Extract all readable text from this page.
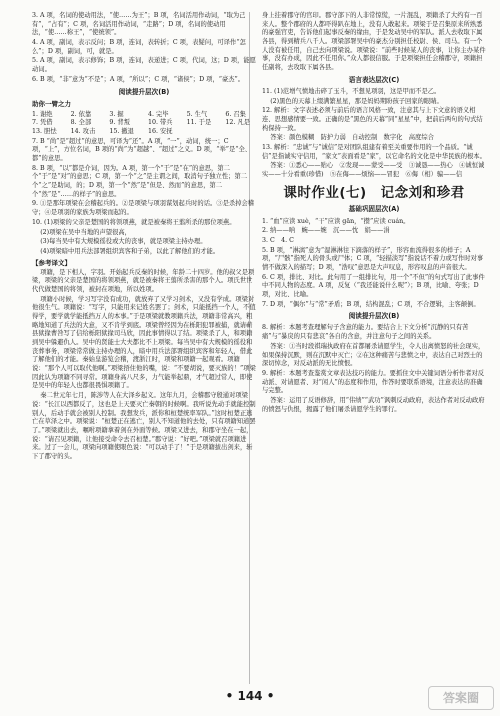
3. A 项，名词的使动用法，“使……为王”；B 项，名词活用作动词，“取为己有”，“占有”；C 项，名词活用作动词，“走路”；D 项，名词的使动用法，“使……称王”，“使统领”。

4. A 项，副词，表示反问；B 项，连词，表转折；C 项，表疑问，可译作“怎么”；D 项，副词，可，就是。

5. A 项，副词，表示修饰；B 项，连词，表递进；C 项，代词，这；D 项，能愿动词。

6. B 项，“非”意为“不是”；A 项，“所以”；C 项，“诸侯”；D 项，“豪杰”。

阅读提升层次(B)
助你一臂之力
1. 谢绝	2. 依靠	3. 掘	4. 完毕	5. 生气	6. 召集
7. 凭借	8. 全部	9. 背叛	10. 带兵	11. 于是	12. 凡是
13. 胆怯	14. 攻击	15. 撤退	16. 安抚

7. B “尚”是“超过”的意思，可译为“还”。A 项，“一”，动词，统一；C 项，“上”，方位名词，B 项的“尚”为“超越”、“超过”之义。D 项，“举”是“全、都”的意思。

8. B 项，“以”都是介词，因为。A 项，第一个“于”是“在”的意思，第二个“于”是“对”的意思；C 项，第一个“之”是主谓之间，取消句子独立性；第二个“之”是助词，的；D 项，第一个“然”是“但是、然而”的意思，第二个“然”是“……的样子”的意思。

9. ①是那年项梁在会稽起兵的。②是项梁与项羽谋划起兵时的话。③是杀掉会稽守；④是项羽的家族为项梁而起的。

10. (1)项梁的父亲是楚国的将领项燕，就是被秦将王翦所杀的那位项燕。

(2)项梁在吴中当地的声望很高，

(3)每当吴中有大规模徭役或大的丧事，就是项梁主持办理。

(4)项梁暗中用兵法部署组织宾客和子弟，以此了解他们的才能。

【参考译文】

项籍，是下相人，字羽。开始起兵反秦的时候，年龄二十四岁。他的叔父是项梁，项梁的父亲是楚国的将领项燕，就是被秦将王翦所杀害的那个人。项氏世世代代做楚国的将领，被封在项地，所以姓项。

项籍小时候，学习写字没有成功，就放弃了又学习剑术，又没有学成。项梁对他很生气。项籍说：“写字，只能用来记姓名罢了；剑术，只能抵挡一个人，不值得学，要学就学能抵挡万人的本事。”于是项梁就教项籍兵法，项籍非常高兴，粗略地知道了兵法的大意，又不肯学到底。项梁曾经因为在栎阳犯罪被捕，就请蕲县狱掾曹咎写了信给栎阳狱掾司马欣，因此事情得以了结。项梁杀了人，和项籍到吴中躲避仇人。吴中的贤能士大夫都比不上项梁。每当吴中有大规模的徭役和丧葬事务，项梁常常做主持办理的人，暗中用兵法部署组织宾客和年轻人，借此了解他们的才能。秦始皇游览会稽，渡浙江时，项梁和项籍一起观看。项籍说：“那个人可以取代他啊。”项梁捂住他的嘴，说：“不要胡说，要灭族的！”项梁因此认为项籍不同寻常。项籍身高八尺多，力气能举起鼎，才气超过常人，即使是吴中的年轻人也都很畏惧项籍了。

秦二世元年七月，陈涉等人在大泽乡起义。这年九月，会稽郡守殷通对项梁说：“长江以西都反了，这也是上天要灭亡秦朝的时候啊。我听说先动手就能控制别人，后动手就会被别人控制。我想发兵，派你和桓楚统率军队。”这时桓楚正逃亡在草泽之中。项梁说：“桓楚正在逃亡，别人不知道他的去处，只有项籍知道罢了。”项梁就出去，嘱咐项籍拿着剑在外面等候。项梁又进去，和郡守坐在一起，说：“请召见项籍，让他接受命令去召桓楚。”郡守说：“好吧。”项梁就召项籍进来。过了一会儿，项梁向项籍使眼色说：“可以动手了！”于是项籍拔出剑来，斩下了郡守的头。

身上挂着郡守的官印。郡守部下的人非常惊慌，一片混乱，项籍杀了大约有一百来人。整个郡府的人都吓得趴在地上，没有人敢起来。项梁于是召集原来所熟悉的豪强官吏，告诉他们起事反秦的缘由，于是发动吴中的军队。派人去收取下属各县，得到精兵八千人。项梁部署吴中的豪杰分别担任校尉、侯、司马。有一个人没有被任用，自己去向项梁说。项梁说：“前些时候某人的丧事，让你主办某件事，没有办成，因此不任用你。”众人都很信服。于是项梁担任会稽郡守，项籍担任副将，去攻取下属各县。

语言表达层次(C)

11. (1)范增气愤地击碎了玉斗，不想见项羽，这是甲而不是乙。

(2)黑色的天幕上缀满繁星星，那是妈妈期盼孩子回家的眼睛。

12. 解析：文字表述必须与前后的语言风格一致，注意其与上下文意的语义相连、思想感情要一致。正确的是“黑色的天幕”同“星星”中，把前后两句的句式结构保持一致。

答案：颜色模糊　防护力弱　自动控制　数字化　高度综合

13. 解析：“忠诚”与“诚信”是对团队组建有着至关重要作用的一个品质。“诚信”是指诚实守信用，“家文”表面看是“家”，以它命名的文化是中华民族的根本。

答案：①悉心——贴心　②发现——蒙受——受　③诚恳——热心　④诚恒诚实——十分看重(珍惜)　⑤在侮——烦恼——冒犯　⑥侮（相）骗——信

课时作业(七)　记念刘和珍君
基础巩固层次(A)

1. “血”应读 xuè，“干”应读 gān，“攒”应读 cuán。

2. 纳——呐　蜿——婉　沉——忱　娟——涓

3. C　4. C

5. B 项，“淋漓”意为“湿淋淋往下滴落的样子”，形容血流得很多的样子；A 项，“尸骸”指死人的骨头或尸体；C 项，“轻描淡写”指说话不着力或写作时对事情不做深入的描写；D 项，“浩叹”意思是大声叹息，形容叹息的声音很大。

6. C 项，排比、对比。此句用了一组排比句，用一个“不但”的句式写出了此事件中不同人物的态度。A 项，反复（“我还能说什么呢”）；B 项，比喻、夸张；D 项，对比、比喻。

7. D 项，“偶尔”与“常”矛盾；B 项，结构混乱；C 项，不合逻辑，主客颠倒。

阅读提升层次(B)

8. 解析：本题考查理解句子含意的能力。要结合上下文分析“沉静的只有苦痛”与“暴戾的只有悲哀”各自的含意，并注意句子之间的关系。

答案：①当时段祺瑞执政府在首都屠杀请愿学生，令人出离愤怒的社会现实，如果保持沉默，则在沉默中灭亡；②在这种痛苦与悲愤之中，表达自己对烈士的深切悼念，对反动派的无比愤恨。

9. 解析：本题考查鉴赏文章表达技巧的能力。要抓住文中关键词语分析作者对反动派、对请愿者、对“闲人”的态度和作用，作答时要联系语境，注意表达的准确与完整。

答案：运用了反语修辞，用“伟绩”“武功”讽刺反动政府，表达作者对反动政府的愤怒与仇恨，揭露了他们屠杀请愿学生的罪行。

• 144 •	答案圈
